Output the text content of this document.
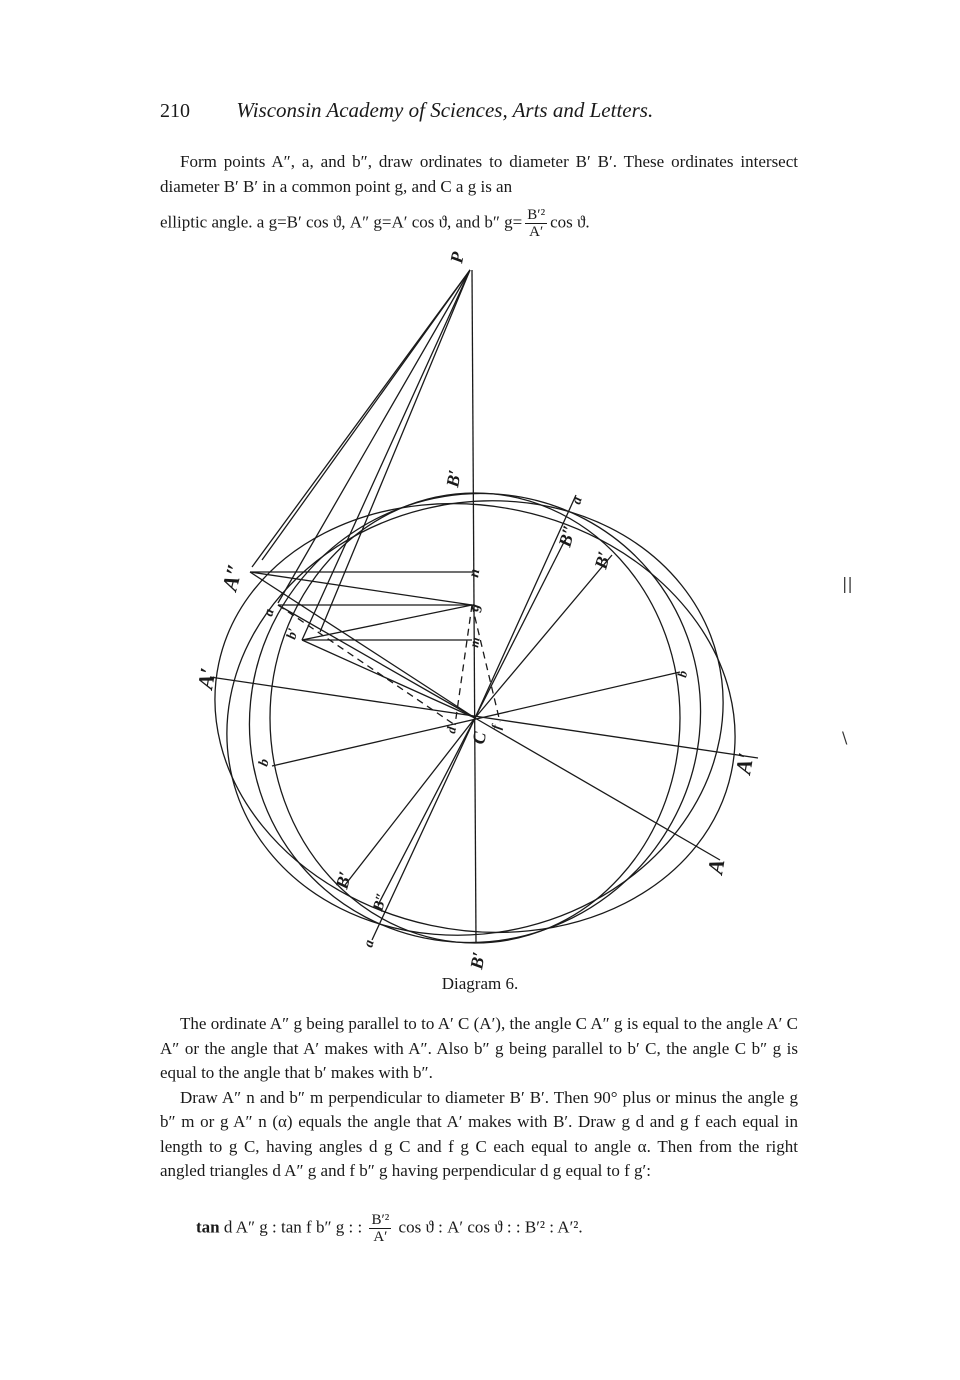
210 Wisconsin Academy of Sciences, Arts and Letters.

Form points A″, a, and b″, draw ordinates to diameter B′ B′. These ordinates intersect diameter B′ B′ in a common point g, and C a g is an

elliptic angle. a g=B′ cos ϑ, A″ g=A′ cos ϑ, and b″ $g= \frac{\text{B′²}}{A'}$ cos ϑ.

P
B′
n
g
m
A″
A′
a
b′
b
C
d f
a
B″
B′
b
A′
A
B′
B″
a
B′
Diagram 6.

The ordinate A″ g being parallel to to A′ C (A′), the angle C A″ g is equal to the angle A′ C A″ or the angle that A′ makes with A″. Also b″ g being parallel to b′ C, the angle C b″ g is equal to the angle that b′ makes with b″.

Draw A″ n and b″ m perpendicular to diameter B′ B′. Then 90° plus or minus the angle g b″ m or g A″ n (α) equals the angle that A′ makes with B′. Draw g d and g f each equal in length to g C, having angles d g C and f g C each equal to angle α. Then from the right angled triangles d A″ g and f b″ g having perpendicular d g equal to f g′:

tan d A″ g : tan f b″ g : : $\frac{\text{B′²}}{A'}$ cos ϑ : A′ cos ϑ : : B′² : A′².
||
\
